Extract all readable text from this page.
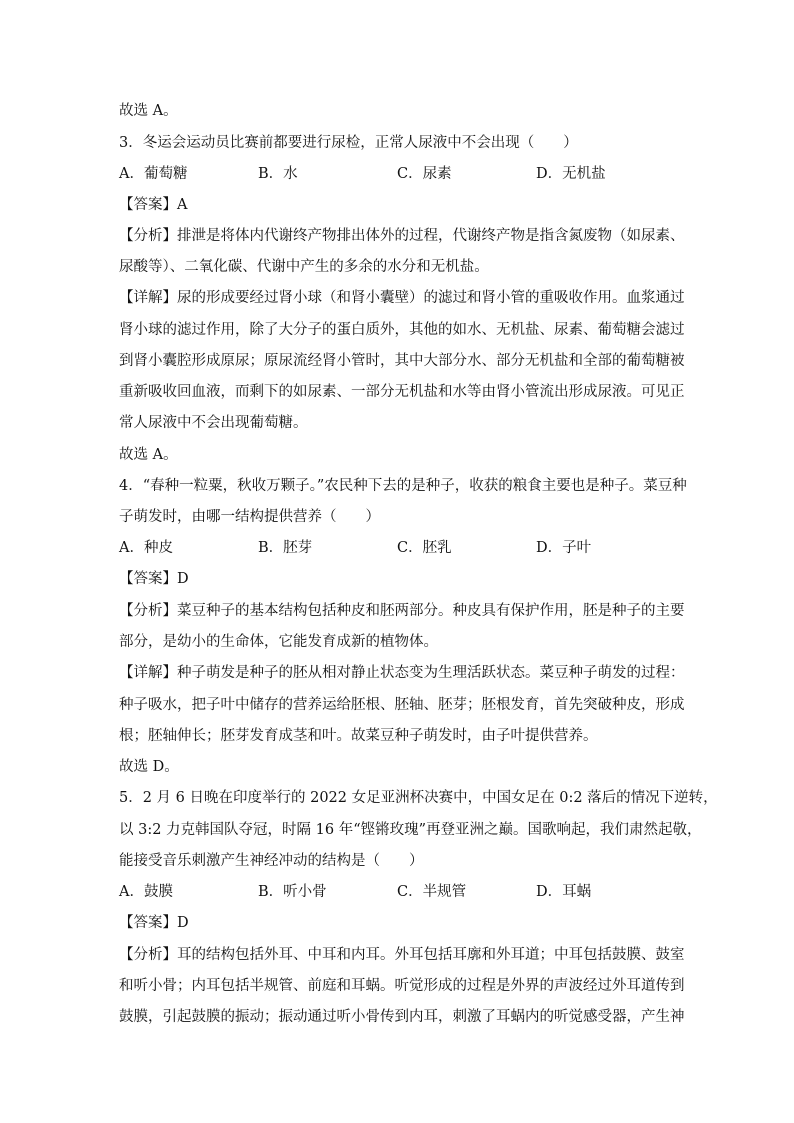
故选 A。
3．冬运会运动员比赛前都要进行尿检，正常人尿液中不会出现（　　）
A．葡萄糖	B．水	C．尿素	D．无机盐
【答案】A
【分析】排泄是将体内代谢终产物排出体外的过程，代谢终产物是指含氮废物（如尿素、
尿酸等）、二氧化碳、代谢中产生的多余的水分和无机盐。
【详解】尿的形成要经过肾小球（和肾小囊壁）的滤过和肾小管的重吸收作用。血浆通过
肾小球的滤过作用，除了大分子的蛋白质外，其他的如水、无机盐、尿素、葡萄糖会滤过
到肾小囊腔形成原尿；原尿流经肾小管时，其中大部分水、部分无机盐和全部的葡萄糖被
重新吸收回血液，而剩下的如尿素、一部分无机盐和水等由肾小管流出形成尿液。可见正
常人尿液中不会出现葡萄糖。
故选 A。
4．“春种一粒粟，秋收万颗子。”农民种下去的是种子，收获的粮食主要也是种子。菜豆种
子萌发时，由哪一结构提供营养（　　）
A．种皮	B．胚芽	C．胚乳	D．子叶
【答案】D
【分析】菜豆种子的基本结构包括种皮和胚两部分。种皮具有保护作用，胚是种子的主要
部分，是幼小的生命体，它能发育成新的植物体。
【详解】种子萌发是种子的胚从相对静止状态变为生理活跃状态。菜豆种子萌发的过程：
种子吸水，把子叶中储存的营养运给胚根、胚轴、胚芽；胚根发育，首先突破种皮，形成
根；胚轴伸长；胚芽发育成茎和叶。故菜豆种子萌发时，由子叶提供营养。
故选 D。
5．2 月 6 日晚在印度举行的 2022 女足亚洲杯决赛中，中国女足在 0:2 落后的情况下逆转，
以 3:2 力克韩国队夺冠，时隔 16 年“铿锵玫瑰”再登亚洲之巅。国歌响起，我们肃然起敬，
能接受音乐刺激产生神经冲动的结构是（　　）
A．鼓膜	B．听小骨	C．半规管	D．耳蜗
【答案】D
【分析】耳的结构包括外耳、中耳和内耳。外耳包括耳廓和外耳道；中耳包括鼓膜、鼓室
和听小骨；内耳包括半规管、前庭和耳蜗。听觉形成的过程是外界的声波经过外耳道传到
鼓膜，引起鼓膜的振动；振动通过听小骨传到内耳，刺激了耳蜗内的听觉感受器，产生神
